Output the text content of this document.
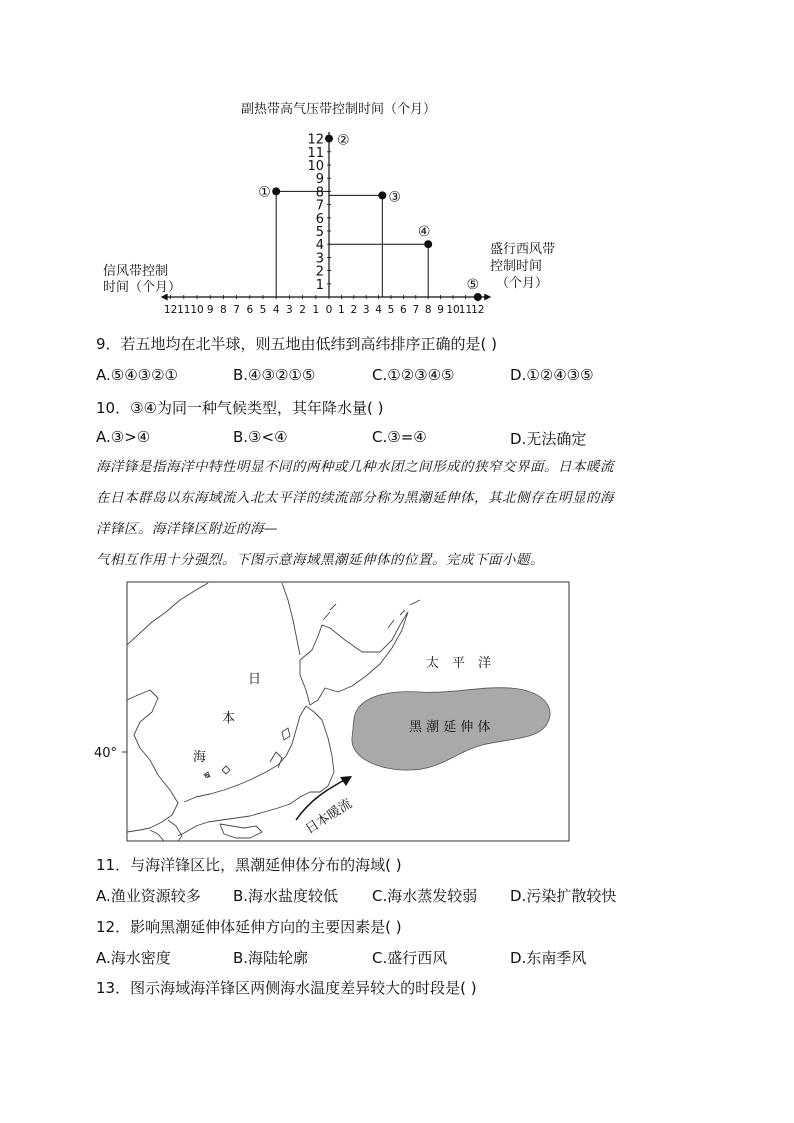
副热带高气压带控制时间（个月）
信风带控制
时间（个月）
盛行西风带
控制时间
（个月）
12 11 10 9 8 7 6 5 4 3 2 1 0 1 2 3 4 5 6 7 8 9 10 11 12
1
2
3
4
5
6
7
8
9
10
11
12
①
②
③
④
⑤
9．若五地均在北半球，则五地由低纬到高纬排序正确的是( )
A.⑤④③②①	B.④③②①⑤	C.①②③④⑤	D.①②④③⑤
10．③④为同一种气候类型，其年降水量( )
A.③>④	B.③<④	C.③=④	D.无法确定
海洋锋是指海洋中特性明显不同的两种或几种水团之间形成的狭窄交界面。日本暖流
在日本群岛以东海域流入北太平洋的续流部分称为黑潮延伸体，其北侧存在明显的海
洋锋区。海洋锋区附近的海—
气相互作用十分强烈。下图示意海域黑潮延伸体的位置。完成下面小题。
40°
黑 潮 延 伸 体
太　平　洋
日
本
海
日本暖流
11．与海洋锋区比，黑潮延伸体分布的海域( )
A.渔业资源较多 B.海水盐度较低 C.海水蒸发较弱 D.污染扩散较快
12．影响黑潮延伸体延伸方向的主要因素是( )
A.海水密度	B.海陆轮廓	C.盛行西风	D.东南季风
13．图示海域海洋锋区两侧海水温度差异较大的时段是( )
